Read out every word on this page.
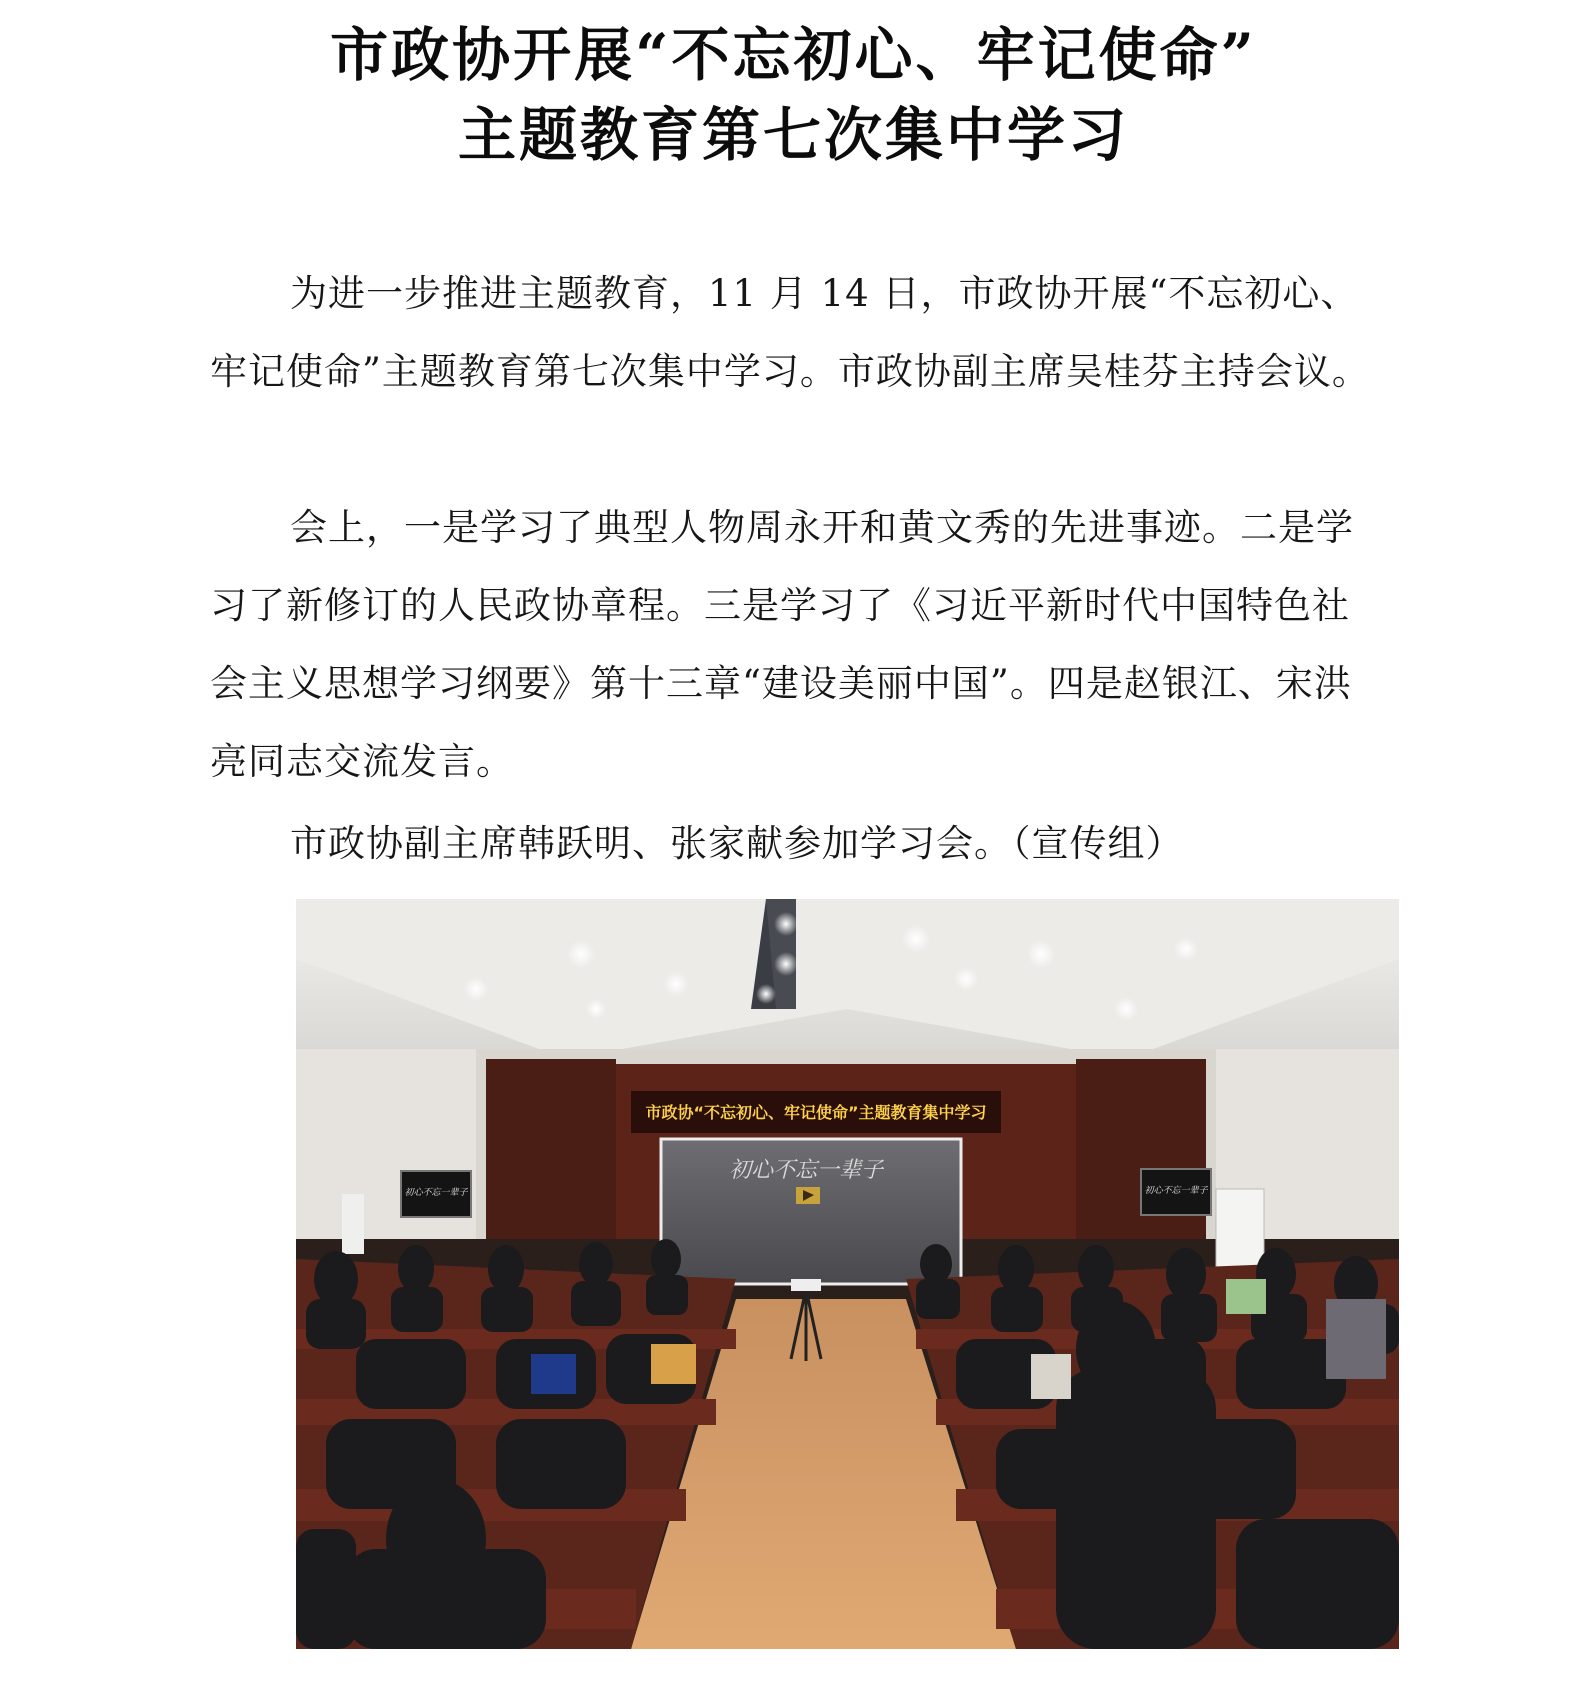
市政协开展“不忘初心、牢记使命”
主题教育第七次集中学习
为进一步推进主题教育，11 月 14 日，市政协开展“不忘初心、牢记使命”主题教育第七次集中学习。市政协副主席吴桂芬主持会议。
会上，一是学习了典型人物周永开和黄文秀的先进事迹。二是学习了新修订的人民政协章程。三是学习了《习近平新时代中国特色社会主义思想学习纲要》第十三章“建设美丽中国”。四是赵银江、宋洪亮同志交流发言。
市政协副主席韩跃明、张家献参加学习会。（宣传组）
市政协“不忘初心、牢记使命”主题教育集中学习
初心不忘一辈子
初心不忘一辈子	初心不忘一辈子
